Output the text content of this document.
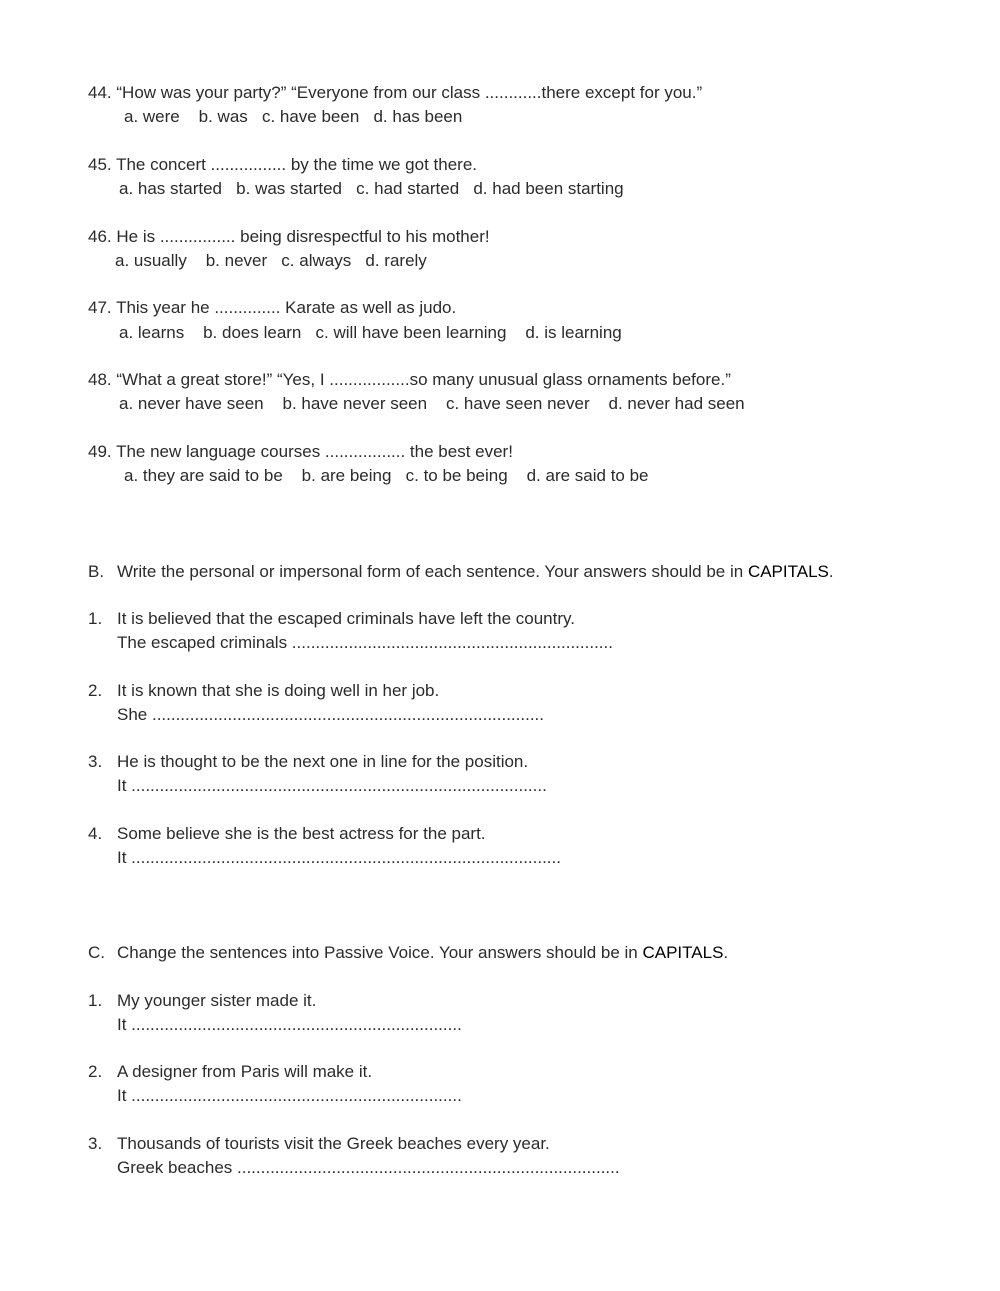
44. “How was your party?” “Everyone from our class ............there except for you.”
a. were    b. was   c. have been   d. has been
45. The concert ................ by the time we got there.
a. has started   b. was started   c. had started   d. had been starting
46. He is ................ being disrespectful to his mother!
a. usually    b. never   c. always   d. rarely
47. This year he .............. Karate as well as judo.
a. learns    b. does learn   c. will have been learning    d. is learning
48. “What a great store!” “Yes, I .................so many unusual glass ornaments before.”
a. never have seen    b. have never seen    c. have seen never    d. never had seen
49. The new language courses ................. the best ever!
a. they are said to be    b. are being   c. to be being    d. are said to be
B. Write the personal or impersonal form of each sentence. Your answers should be in CAPITALS.
1. It is believed that the escaped criminals have left the country.
The escaped criminals ....................................................................
2. It is known that she is doing well in her job.
She ...................................................................................
3. He is thought to be the next one in line for the position.
It ........................................................................................
4. Some believe she is the best actress for the part.
It ...........................................................................................
C. Change the sentences into Passive Voice. Your answers should be in CAPITALS.
1. My younger sister made it.
It ......................................................................
2. A designer from Paris will make it.
It ......................................................................
3. Thousands of tourists visit the Greek beaches every year.
Greek beaches .................................................................................
